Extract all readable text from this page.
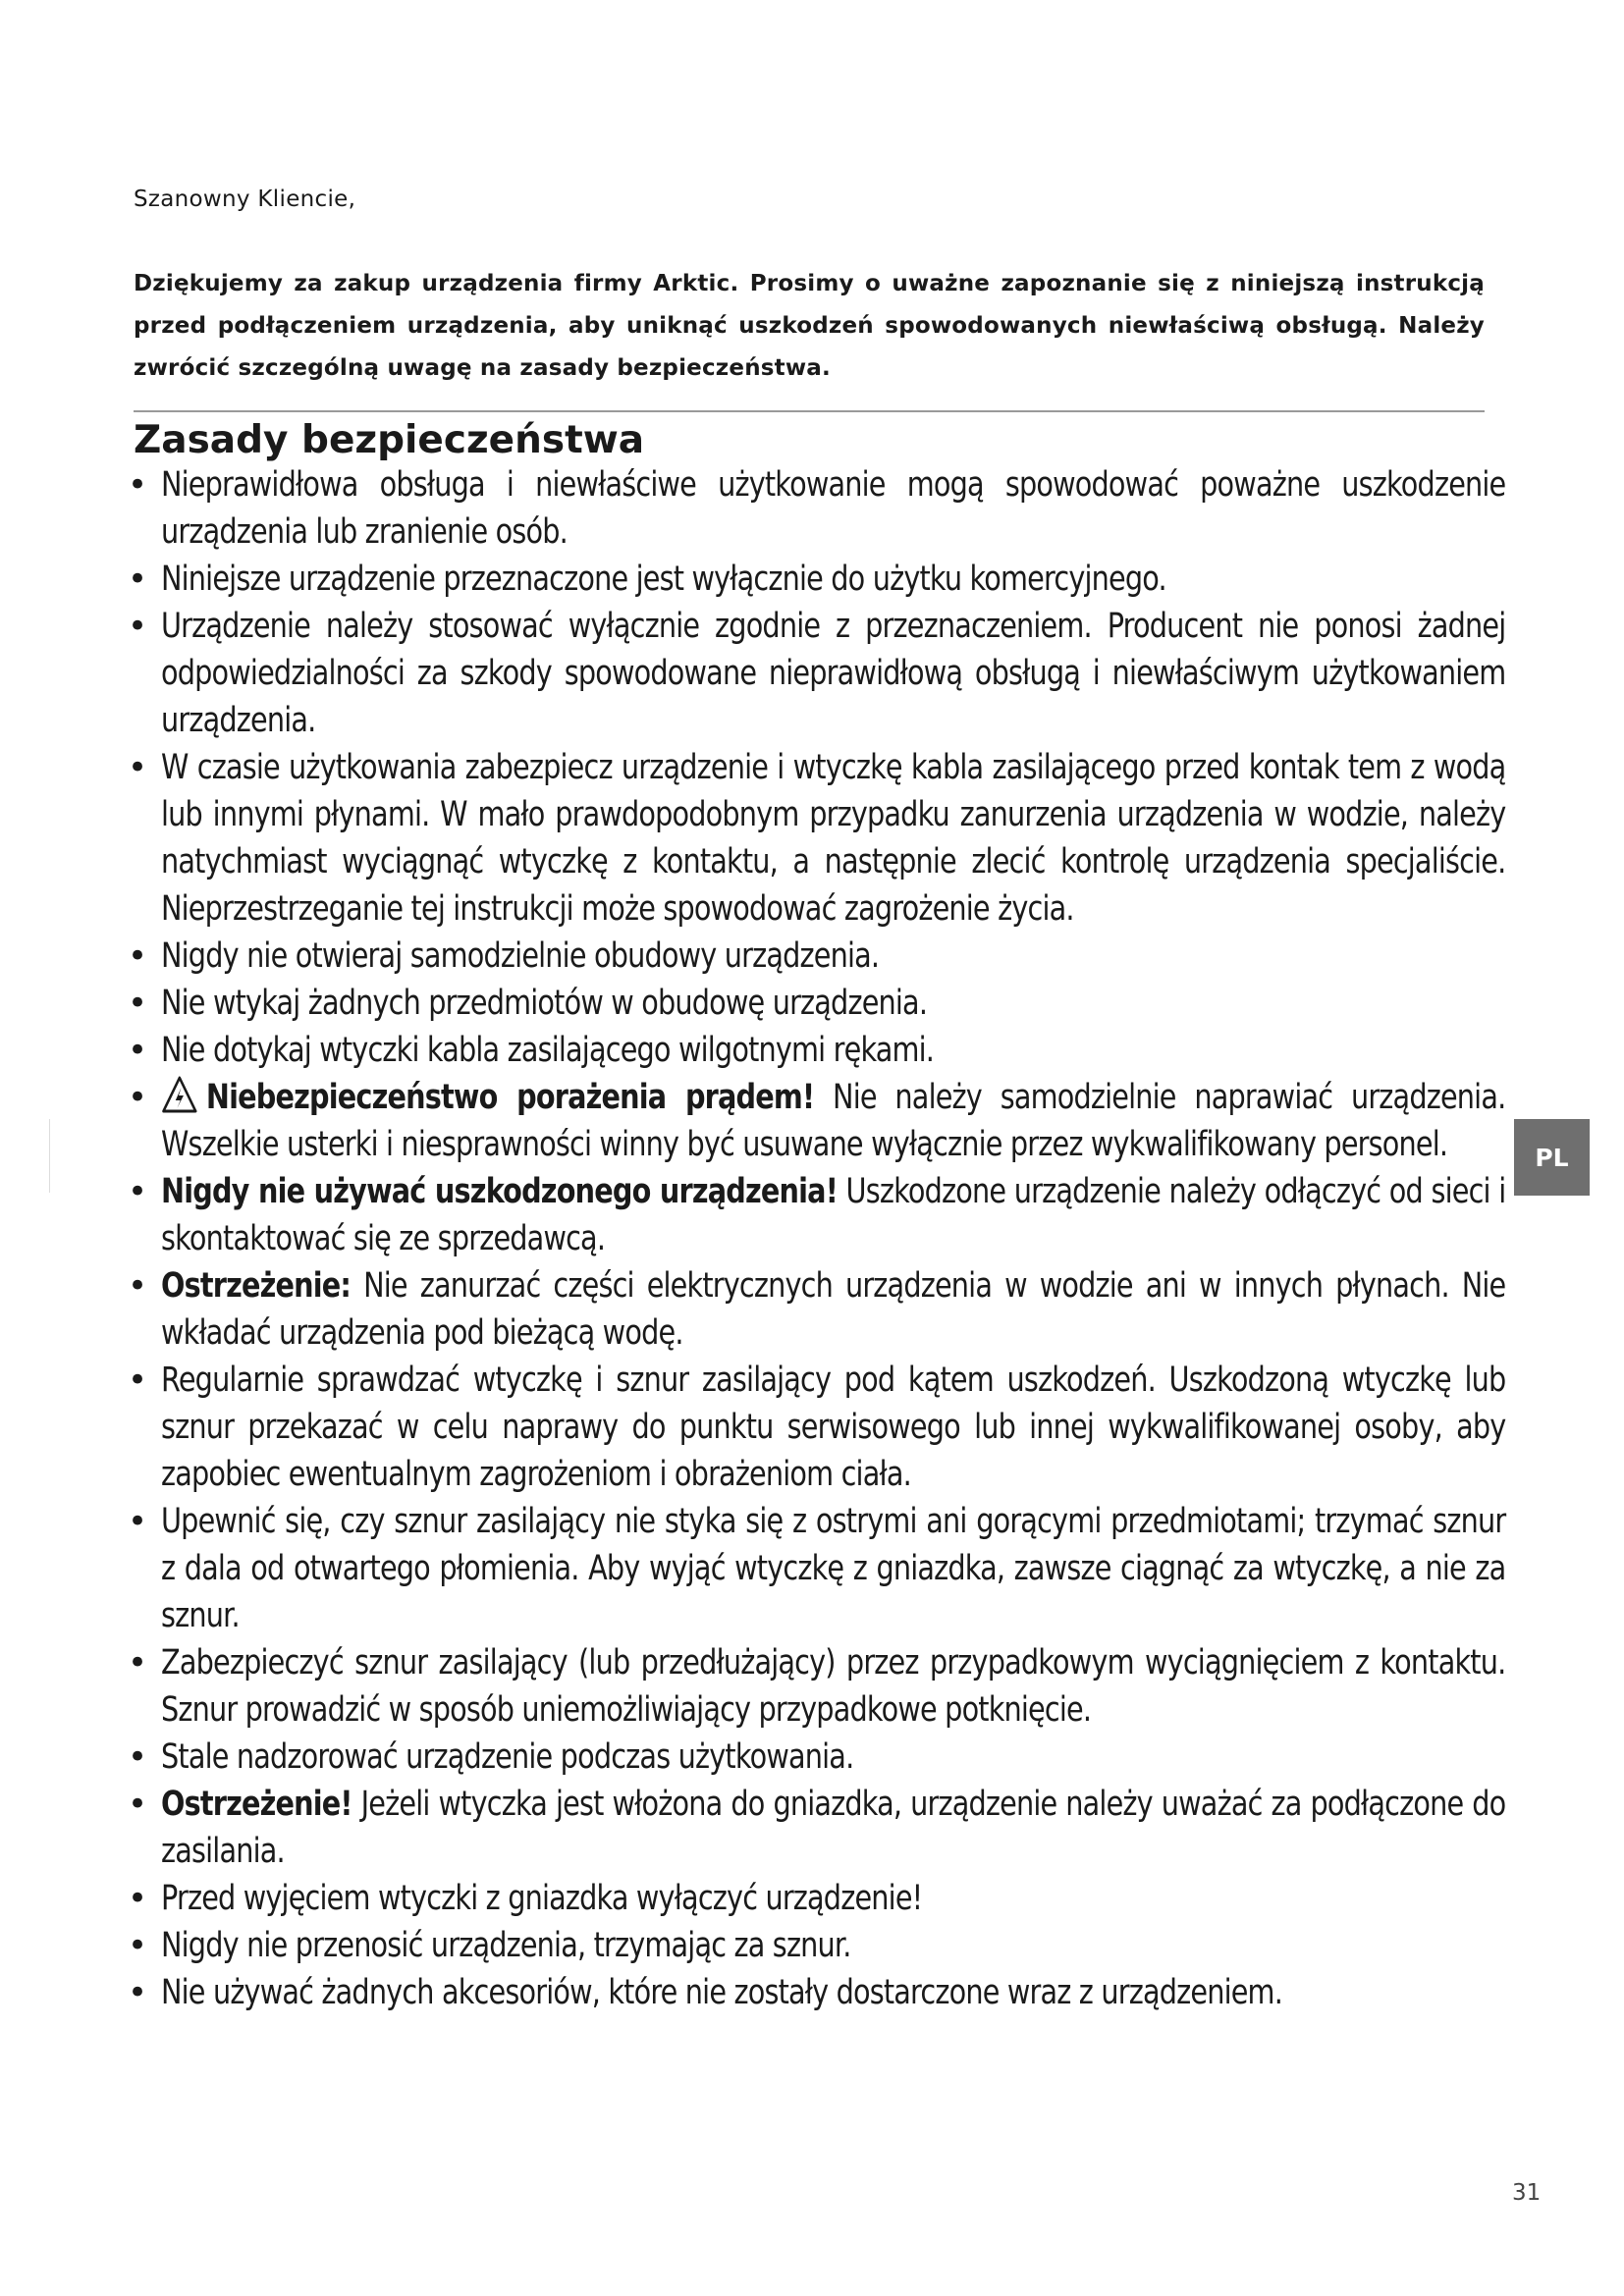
Szanowny Kliencie,
Dziękujemy za zakup urządzenia firmy Arktic. Prosimy o uważne zapoznanie się z niniejszą instrukcją przed podłączeniem urządzenia, aby uniknąć uszkodzeń spowodowanych niewłaściwą obsługą. Należy zwrócić szczególną uwagę na zasady bezpieczeństwa.
Zasady bezpieczeństwa
• Nieprawidłowa obsługa i niewłaściwe użytkowanie mogą spowodować poważne uszkodzenie urządzenia lub zranienie osób.
• Niniejsze urządzenie przeznaczone jest wyłącznie do użytku komercyjnego.
• Urządzenie należy stosować wyłącznie zgodnie z przeznaczeniem. Producent nie ponosi żadnej odpowiedzialności za szkody spowodowane nieprawidłową obsługą i niewłaściwym użytkowaniem urządzenia.
• W czasie użytkowania zabezpiecz urządzenie i wtyczkę kabla zasilającego przed kontak tem z wodą lub innymi płynami. W mało prawdopodobnym przypadku zanurzenia urządzenia w wodzie, należy natychmiast wyciągnąć wtyczkę z kontaktu, a następnie zlecić kontrolę urządzenia specjaliście. Nieprzestrzeganie tej instrukcji może spowodować zagrożenie życia.
• Nigdy nie otwieraj samodzielnie obudowy urządzenia.
• Nie wtykaj żadnych przedmiotów w obudowę urządzenia.
• Nie dotykaj wtyczki kabla zasilającego wilgotnymi rękami.
•	Niebezpieczeństwo porażenia prądem! Nie należy samodzielnie naprawiać urządzenia. Wszelkie usterki i niesprawności winny być usuwane wyłącznie przez wykwalifikowany personel.
• Nigdy nie używać uszkodzonego urządzenia! Uszkodzone urządzenie należy odłączyć od sieci i skontaktować się ze sprzedawcą.
• Ostrzeżenie: Nie zanurzać części elektrycznych urządzenia w wodzie ani w innych płynach. Nie wkładać urządzenia pod bieżącą wodę.
• Regularnie sprawdzać wtyczkę i sznur zasilający pod kątem uszkodzeń. Uszkodzoną wtyczkę lub sznur przekazać w celu naprawy do punktu serwisowego lub innej wykwalifikowanej osoby, aby zapobiec ewentualnym zagrożeniom i obrażeniom ciała.
• Upewnić się, czy sznur zasilający nie styka się z ostrymi ani gorącymi przedmiotami; trzymać sznur z dala od otwartego płomienia. Aby wyjąć wtyczkę z gniazdka, zawsze ciągnąć za wtyczkę, a nie za sznur.
• Zabezpieczyć sznur zasilający (lub przedłużający) przez przypadkowym wyciągnięciem z kontaktu. Sznur prowadzić w sposób uniemożliwiający przypadkowe potknięcie.
• Stale nadzorować urządzenie podczas użytkowania.
• Ostrzeżenie! Jeżeli wtyczka jest włożona do gniazdka, urządzenie należy uważać za podłączone do zasilania.
• Przed wyjęciem wtyczki z gniazdka wyłączyć urządzenie!
• Nigdy nie przenosić urządzenia, trzymając za sznur.
• Nie używać żadnych akcesoriów, które nie zostały dostarczone wraz z urządzeniem.
PL
31
